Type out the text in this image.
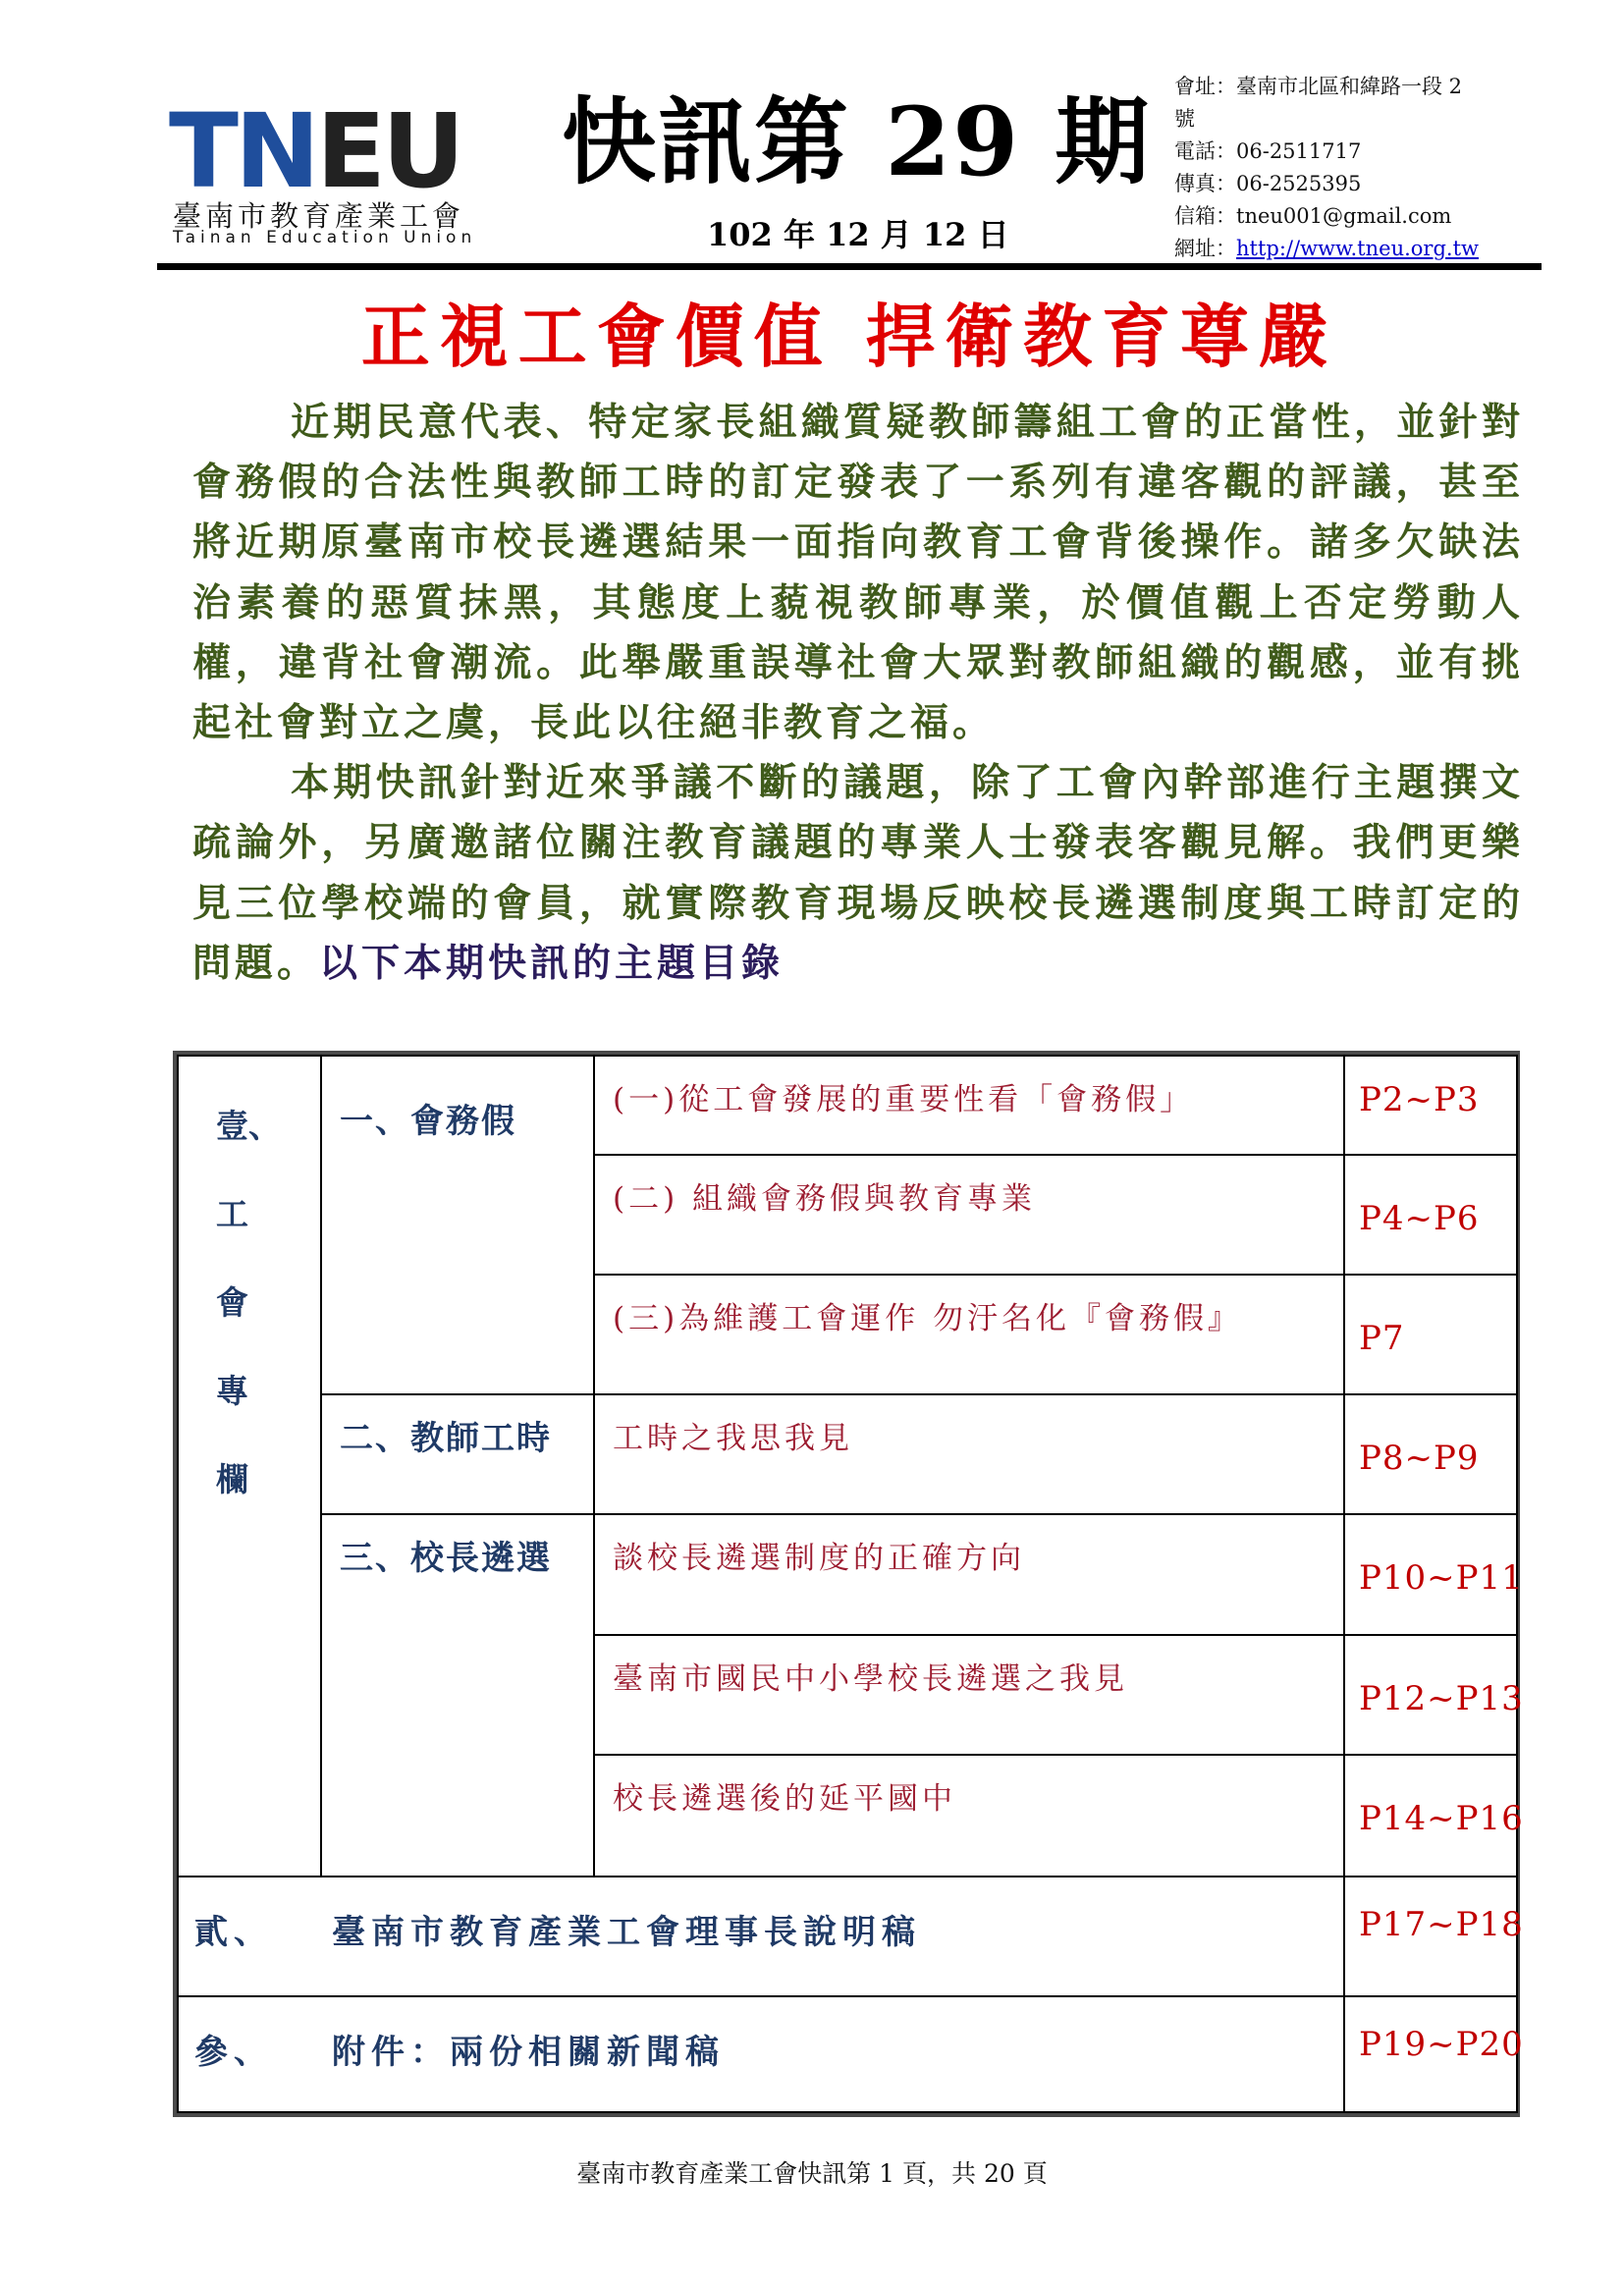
TNEU
臺南市教育產業工會
Tainan Education Union
快訊第 29 期
102 年 12 月 12 日
會址：臺南市北區和緯路一段 2
號
電話：06-2511717
傳真：06-2525395
信箱：tneu001@gmail.com
網址：http://www.tneu.org.tw
正視工會價值 捍衛教育尊嚴

近期民意代表、特定家長組織質疑教師籌組工會的正當性，並針對會務假的合法性與教師工時的訂定發表了一系列有違客觀的評議，甚至將近期原臺南市校長遴選結果一面指向教育工會背後操作。諸多欠缺法治素養的惡質抹黑，其態度上藐視教師專業，於價值觀上否定勞動人權，違背社會潮流。此舉嚴重誤導社會大眾對教師組織的觀感，並有挑起社會對立之虞，長此以往絕非教育之福。

本期快訊針對近來爭議不斷的議題，除了工會內幹部進行主題撰文疏論外，另廣邀諸位關注教育議題的專業人士發表客觀見解。我們更樂見三位學校端的會員，就實際教育現場反映校長遴選制度與工時訂定的問題。以下本期快訊的主題目錄

壹、
工
會
專
欄	一、會務假	(一)從工會發展的重要性看「會務假」	P2~P3

		(二) 組織會務假與教育專業	P4~P6

		(三)為維護工會運作 勿汙名化『會務假』	P7

	二、教師工時	工時之我思我見	P8~P9

	三、校長遴選	談校長遴選制度的正確方向	P10~P11

		臺南市國民中小學校長遴選之我見	P12~P13

		校長遴選後的延平國中	P14~P16

貳、 臺南市教育產業工會理事長說明稿			P17~P18

參、 附件：兩份相關新聞稿			P19~P20
臺南市教育產業工會快訊第 1 頁，共 20 頁
